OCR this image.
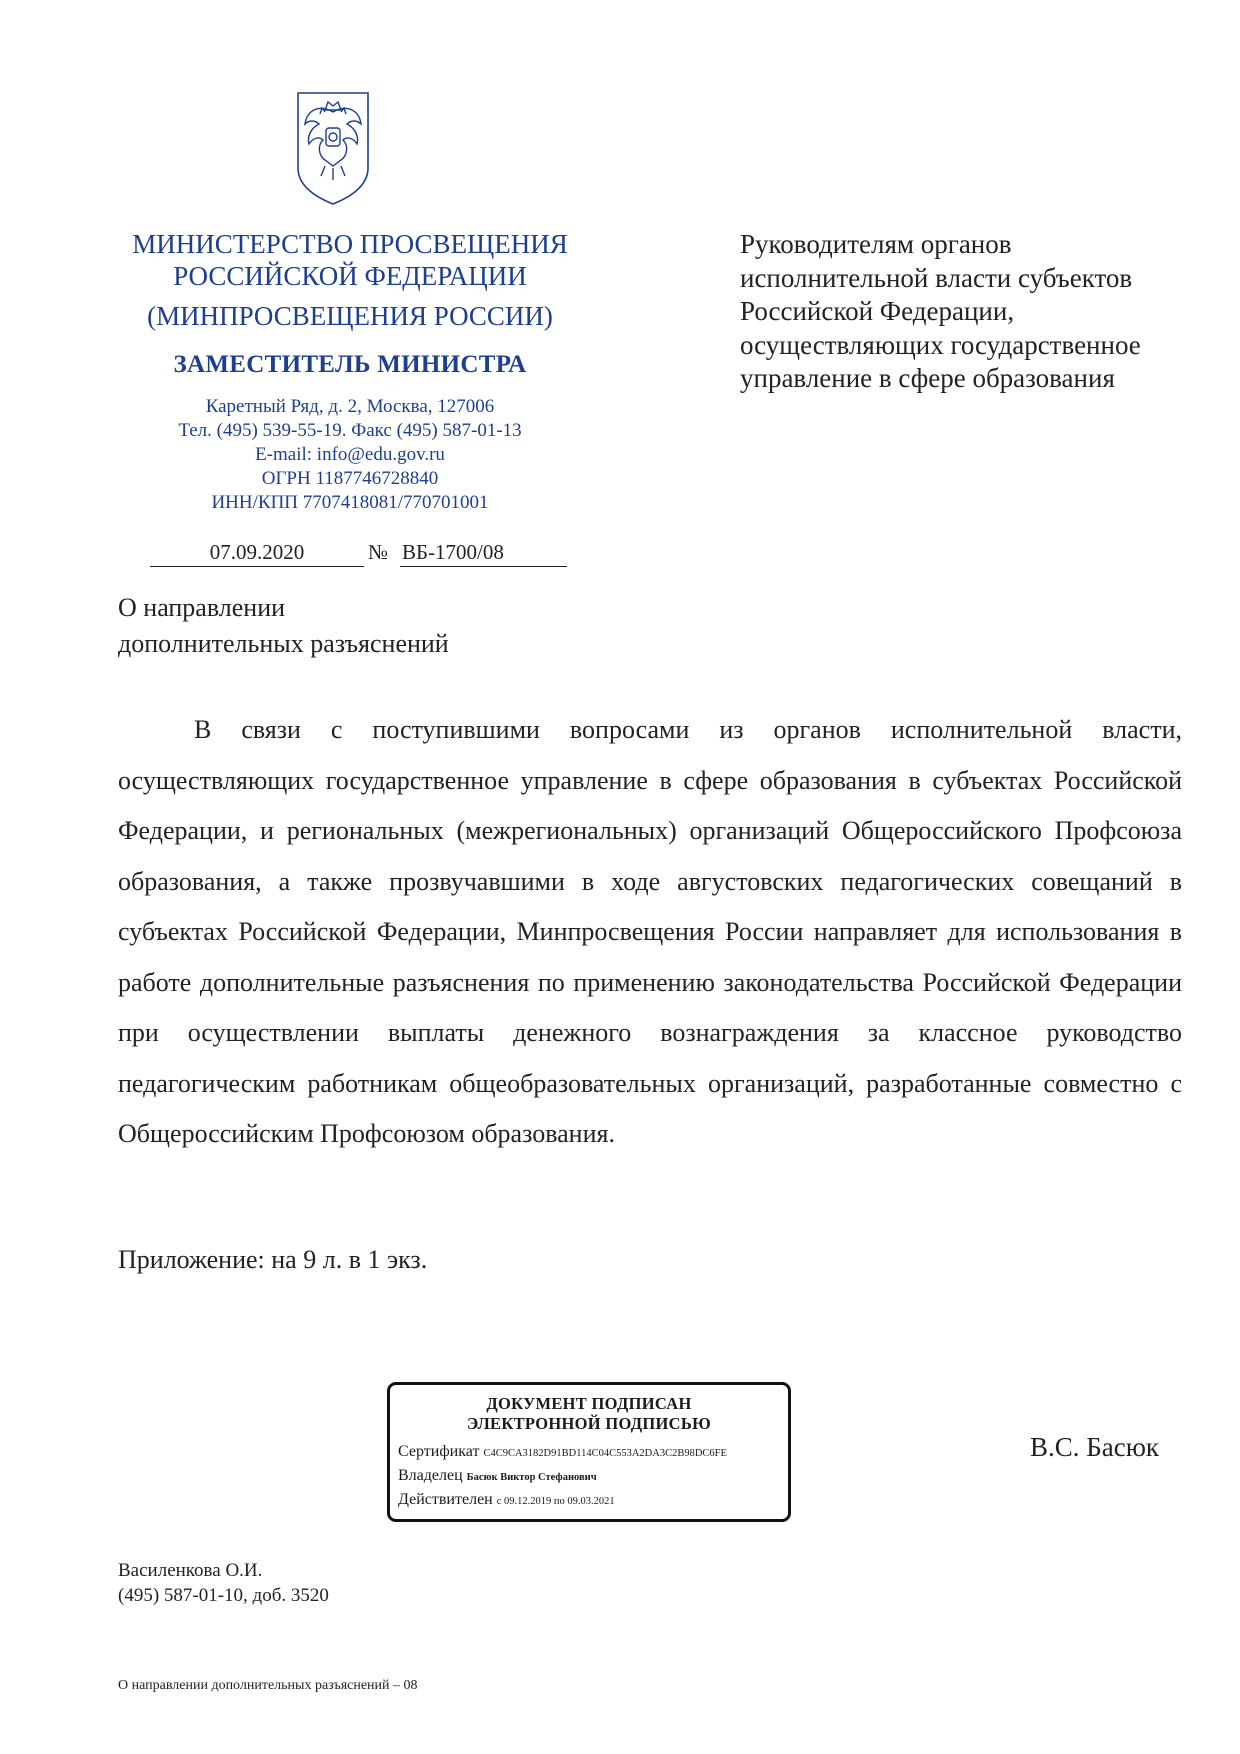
МИНИСТЕРСТВО ПРОСВЕЩЕНИЯ
РОССИЙСКОЙ ФЕДЕРАЦИИ
(МИНПРОСВЕЩЕНИЯ РОССИИ)
ЗАМЕСТИТЕЛЬ МИНИСТРА
Каретный Ряд, д. 2, Москва, 127006
Тел. (495) 539-55-19. Факс (495) 587-01-13
E-mail: info@edu.gov.ru
ОГРН 1187746728840
ИНН/КПП 7707418081/770701001
Руководителям органов
исполнительной власти субъектов
Российской Федерации,
осуществляющих государственное
управление в сфере образования
07.09.2020	№ ВБ-1700/08
О направлении
дополнительных разъяснений

В связи с поступившими вопросами из органов исполнительной власти, осуществляющих государственное управление в сфере образования в субъектах Российской Федерации, и региональных (межрегиональных) организаций Общероссийского Профсоюза образования, а также прозвучавшими в ходе августовских педагогических совещаний в субъектах Российской Федерации, Минпросвещения России направляет для использования в работе дополнительные разъяснения по применению законодательства Российской Федерации при осуществлении выплаты денежного вознаграждения за классное руководство педагогическим работникам общеобразовательных организаций, разработанные совместно с Общероссийским Профсоюзом образования.

Приложение: на 9 л. в 1 экз.
ДОКУМЕНТ ПОДПИСАН
ЭЛЕКТРОННОЙ ПОДПИСЬЮ
Сертификат C4C9CA3182D91BD114C04C553A2DA3C2B98DC6FE
Владелец Басюк Виктор Стефанович
Действителен с 09.12.2019 по 09.03.2021
В.С. Басюк
Василенкова О.И.
(495) 587-01-10, доб. 3520
О направлении дополнительных разъяснений – 08
